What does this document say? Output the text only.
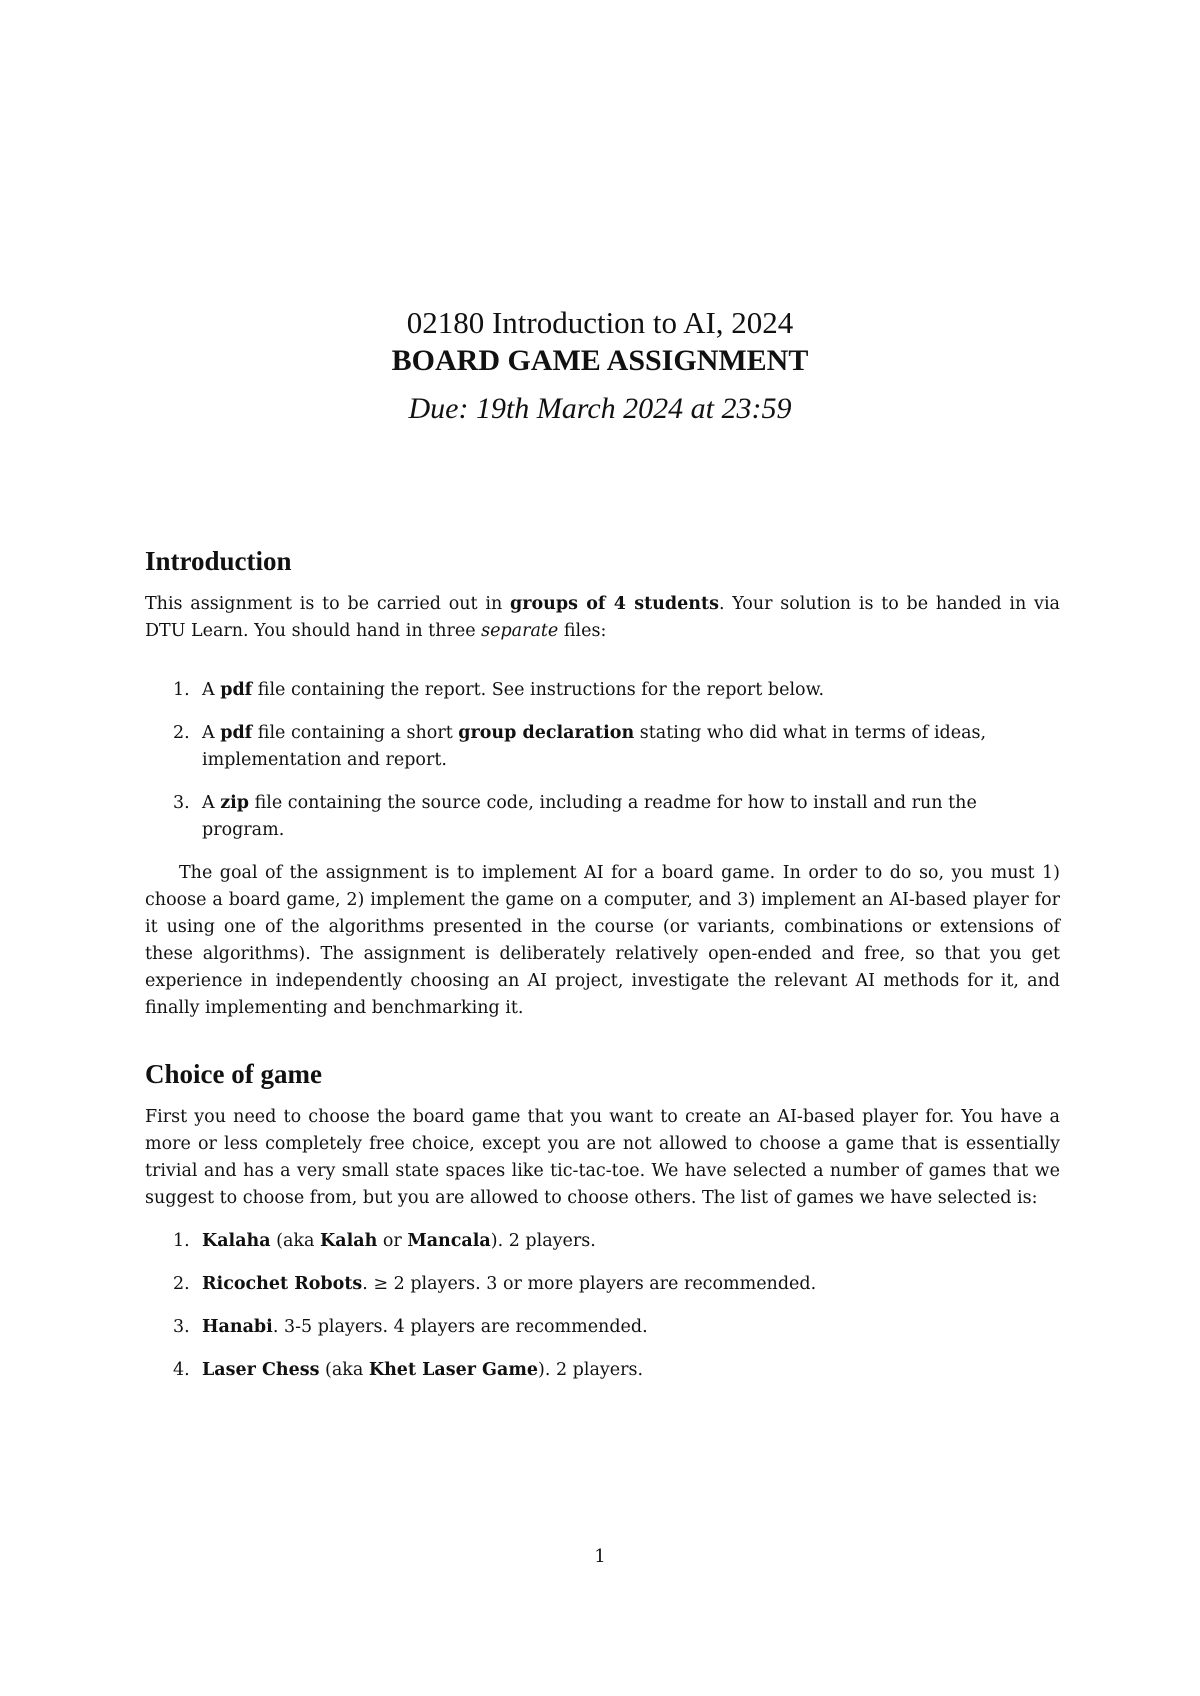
02180 Introduction to AI, 2024
BOARD GAME ASSIGNMENT
Due: 19th March 2024 at 23:59
Introduction

This assignment is to be carried out in groups of 4 students. Your solution is to be handed in via DTU Learn. You should hand in three separate files:

1. A pdf file containing the report. See instructions for the report below.
2. A pdf file containing a short group declaration stating who did what in terms of ideas, implementation and report.
3. A zip file containing the source code, including a readme for how to install and run the program.

The goal of the assignment is to implement AI for a board game. In order to do so, you must 1) choose a board game, 2) implement the game on a computer, and 3) implement an AI-based player for it using one of the algorithms presented in the course (or variants, combinations or extensions of these algorithms). The assignment is deliberately relatively open-ended and free, so that you get experience in independently choosing an AI project, investigate the relevant AI methods for it, and finally implementing and benchmarking it.

Choice of game

First you need to choose the board game that you want to create an AI-based player for. You have a more or less completely free choice, except you are not allowed to choose a game that is essentially trivial and has a very small state spaces like tic-tac-toe. We have selected a number of games that we suggest to choose from, but you are allowed to choose others. The list of games we have selected is:

1. Kalaha (aka Kalah or Mancala). 2 players.
2. Ricochet Robots. ≥ 2 players. 3 or more players are recommended.
3. Hanabi. 3-5 players. 4 players are recommended.
4. Laser Chess (aka Khet Laser Game). 2 players.
1
